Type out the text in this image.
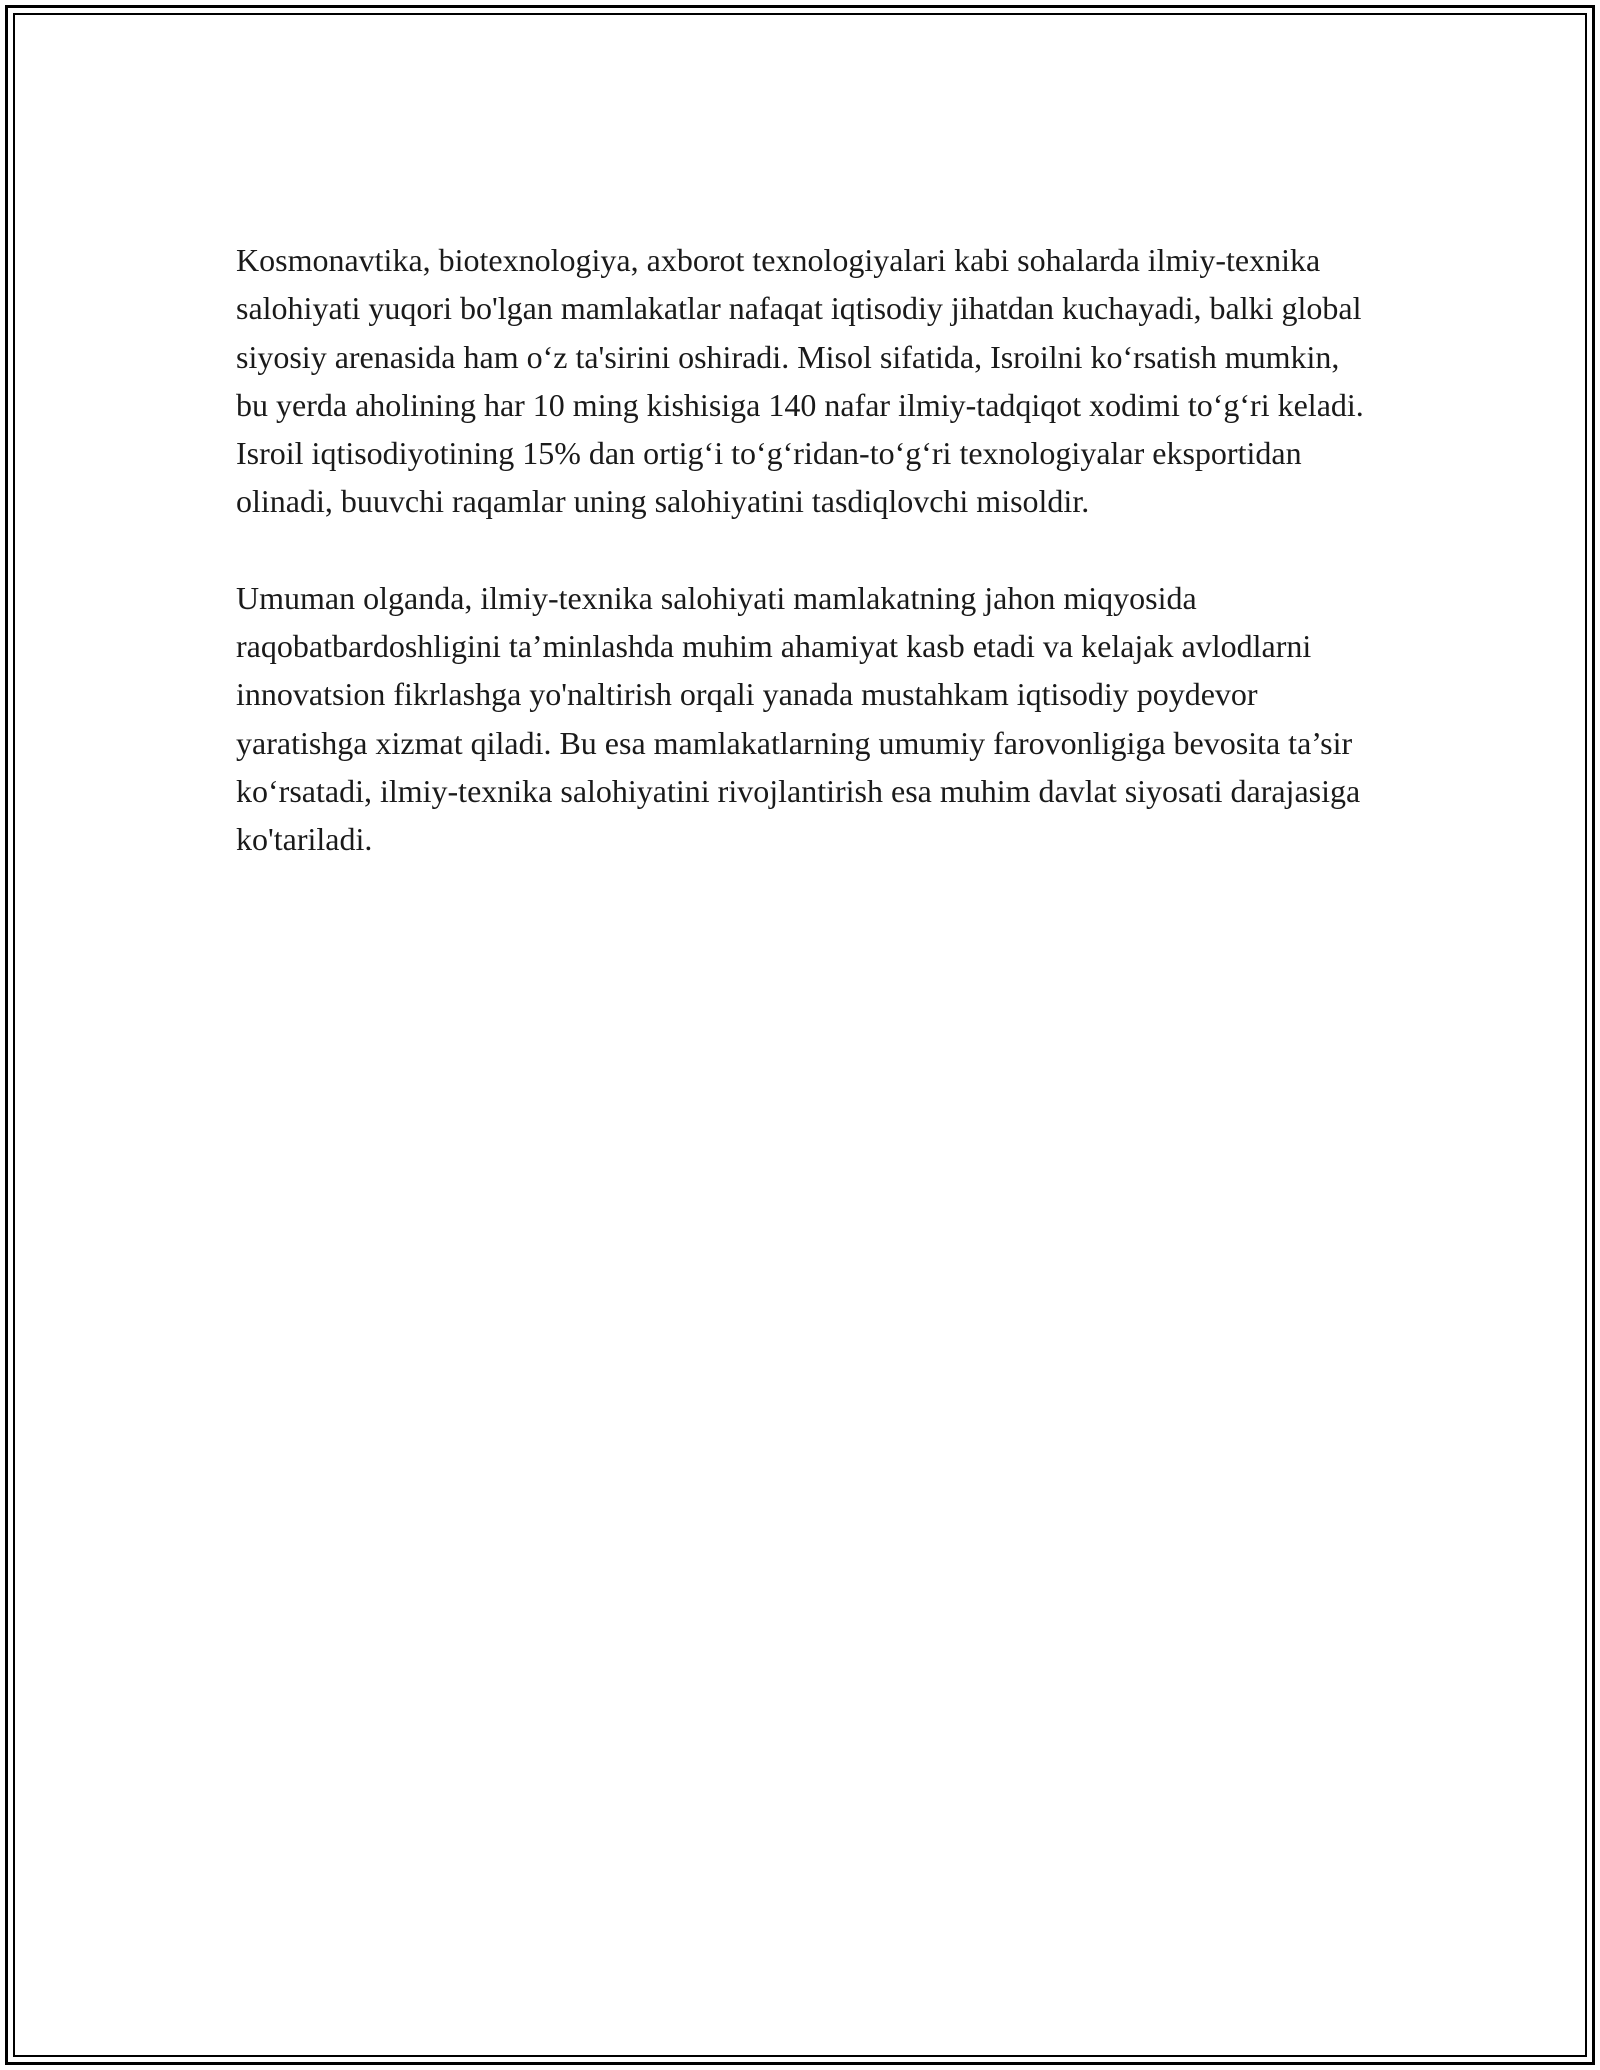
Kosmonavtika, biotexnologiya, axborot texnologiyalari kabi sohalarda ilmiy-texnika salohiyati yuqori bo'lgan mamlakatlar nafaqat iqtisodiy jihatdan kuchayadi, balki global siyosiy arenasida ham oʻz ta'sirini oshiradi. Misol sifatida, Isroilni koʻrsatish mumkin, bu yerda aholining har 10 ming kishisiga 140 nafar ilmiy-tadqiqot xodimi toʻgʻri keladi. Isroil iqtisodiyotining 15% dan ortigʻi toʻgʻridan-toʻgʻri texnologiyalar eksportidan olinadi, buuvchi raqamlar uning salohiyatini tasdiqlovchi misoldir.

Umuman olganda, ilmiy-texnika salohiyati mamlakatning jahon miqyosida raqobatbardoshligini ta’minlashda muhim ahamiyat kasb etadi va kelajak avlodlarni innovatsion fikrlashga yo'naltirish orqali yanada mustahkam iqtisodiy poydevor yaratishga xizmat qiladi. Bu esa mamlakatlarning umumiy farovonligiga bevosita ta’sir koʻrsatadi, ilmiy-texnika salohiyatini rivojlantirish esa muhim davlat siyosati darajasiga ko'tariladi.
